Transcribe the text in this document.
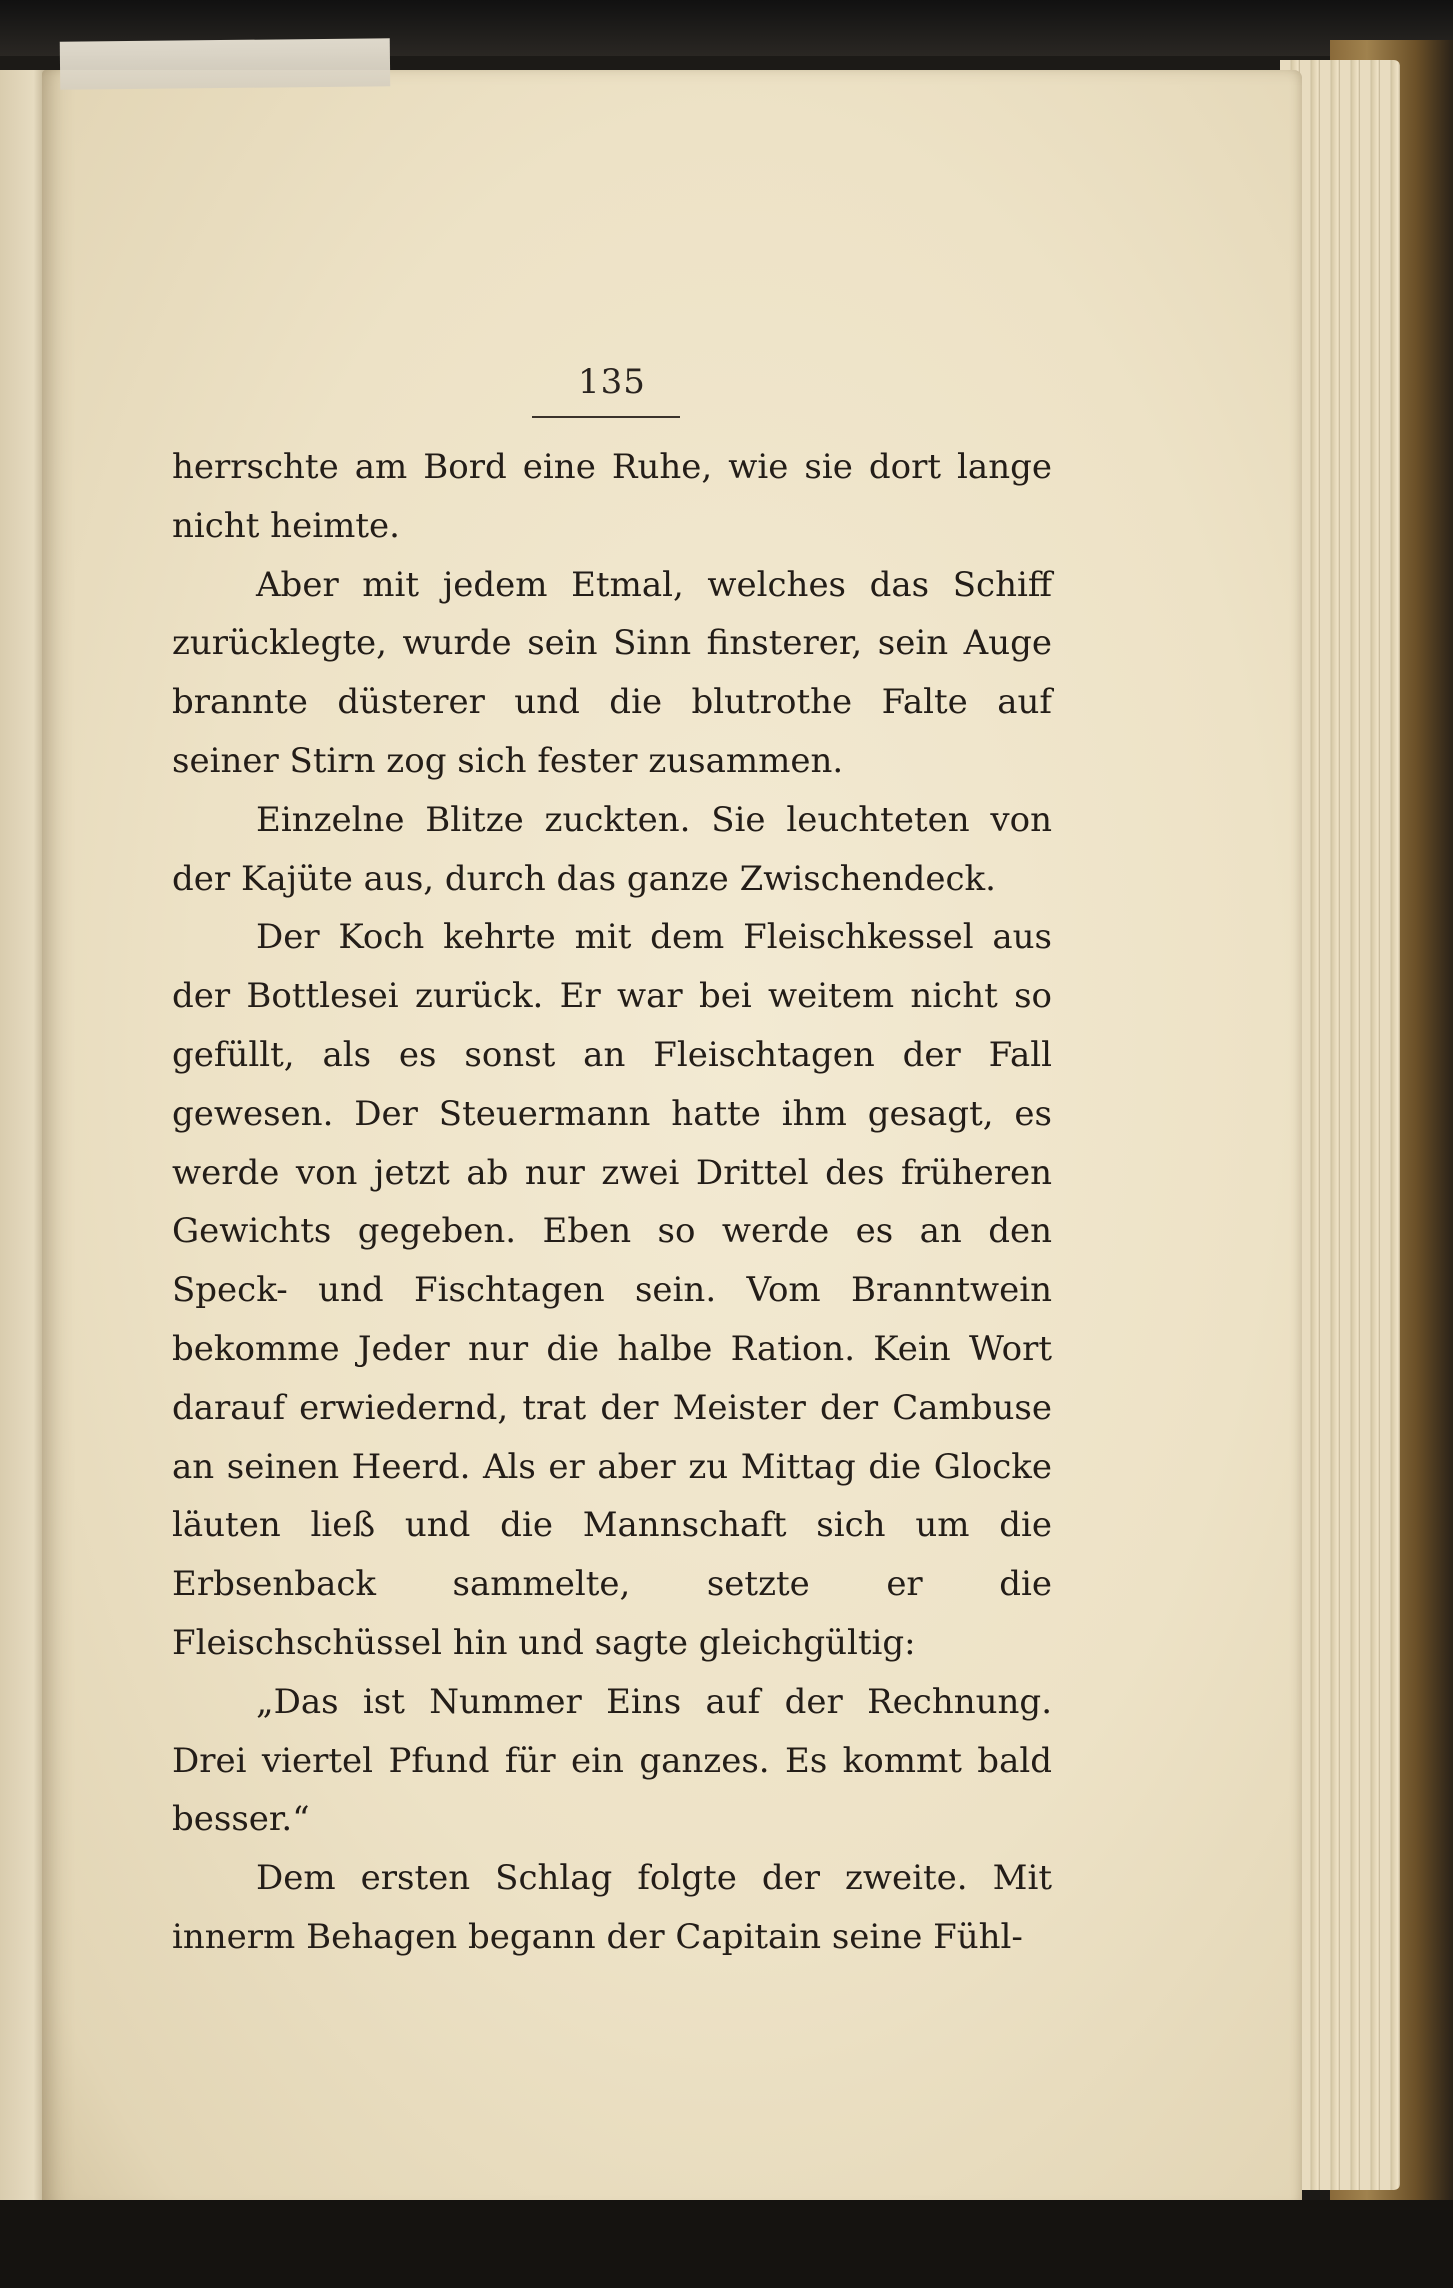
135

herrschte am Bord eine Ruhe, wie sie dort lange nicht heimte.

Aber mit jedem Etmal, welches das Schiff zurücklegte, wurde sein Sinn finsterer, sein Auge brannte düsterer und die blutrothe Falte auf seiner Stirn zog sich fester zusammen.

Einzelne Blitze zuckten. Sie leuchteten von der Kajüte aus, durch das ganze Zwischendeck.

Der Koch kehrte mit dem Fleischkessel aus der Bottlesei zurück. Er war bei weitem nicht so gefüllt, als es sonst an Fleischtagen der Fall gewesen. Der Steuermann hatte ihm gesagt, es werde von jetzt ab nur zwei Drittel des früheren Gewichts gegeben. Eben so werde es an den Speck- und Fischtagen sein. Vom Branntwein bekomme Jeder nur die halbe Ration. Kein Wort darauf erwiedernd, trat der Meister der Cambuse an seinen Heerd. Als er aber zu Mittag die Glocke läuten ließ und die Mannschaft sich um die Erbsenback sammelte, setzte er die Fleischschüssel hin und sagte gleichgültig:

„Das ist Nummer Eins auf der Rechnung. Drei viertel Pfund für ein ganzes. Es kommt bald besser.“

Dem ersten Schlag folgte der zweite. Mit innerm Behagen begann der Capitain seine Fühl-
